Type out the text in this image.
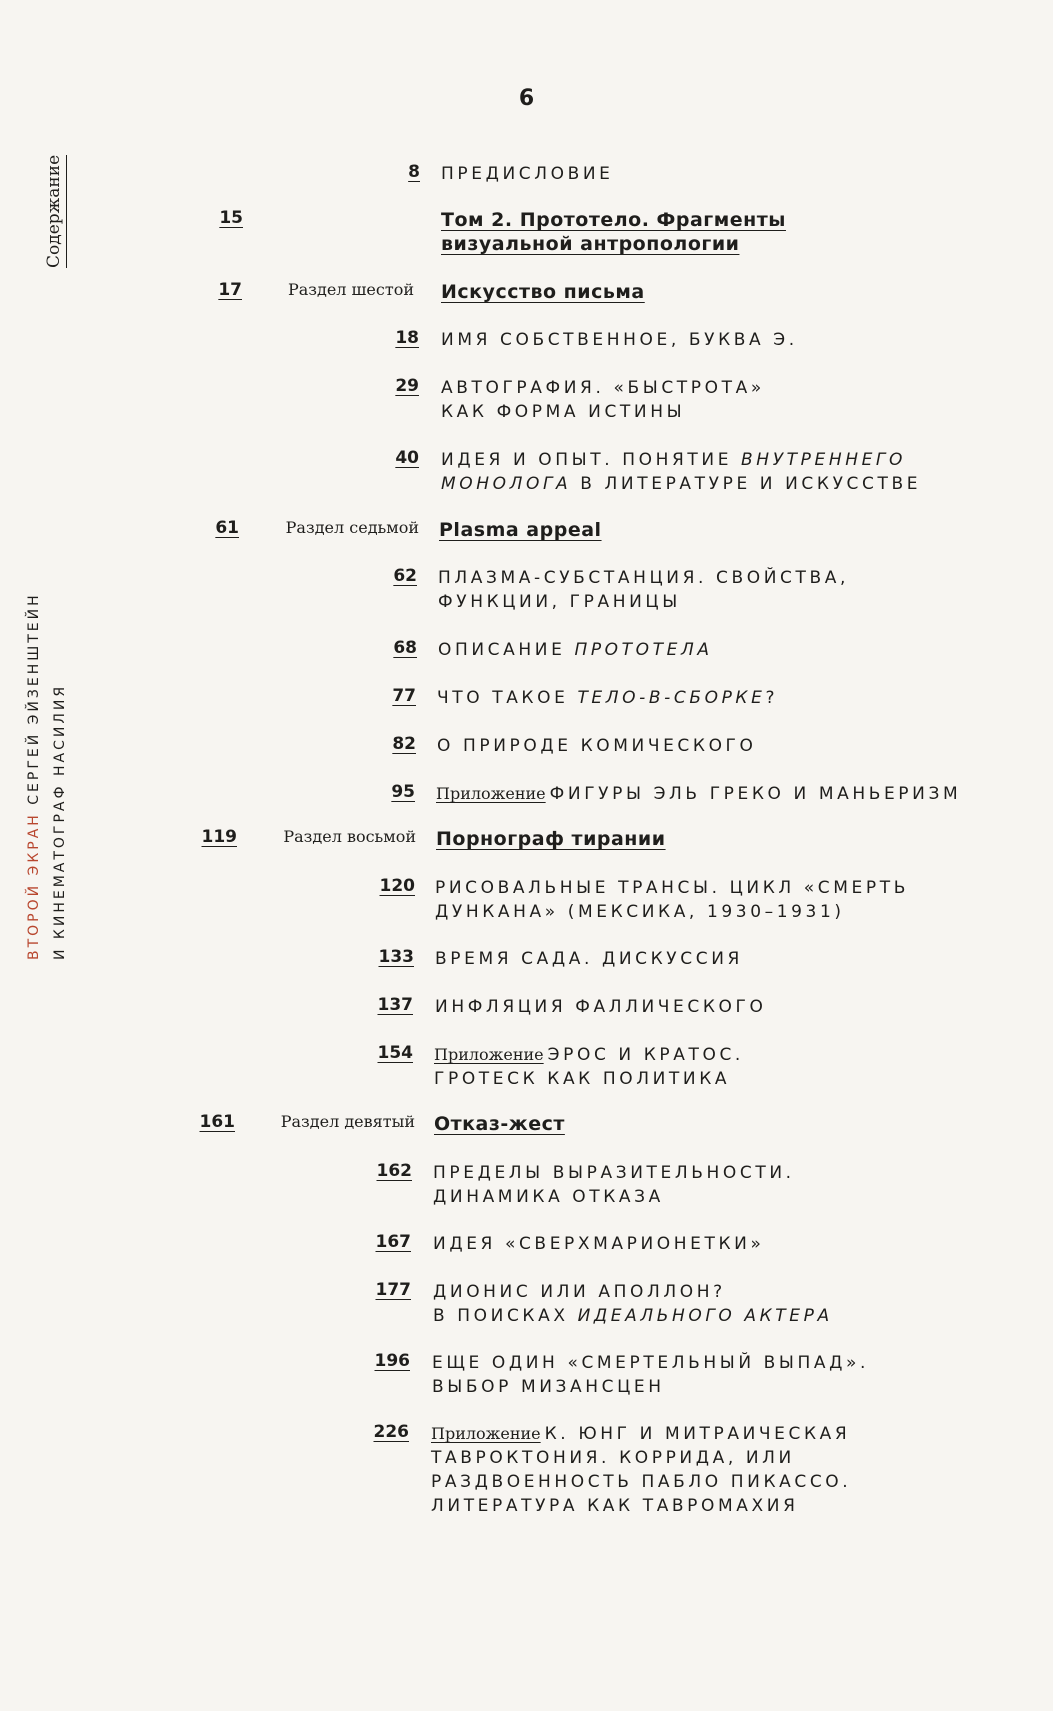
6
ВТОРОЙ ЭКРАН СЕРГЕЙ ЭЙЗЕНШТЕЙН И КИНЕМАТОГРАФ НАСИЛИЯ
Содержание	8 ПРЕДИСЛОВИЕ
15	Том 2. Прототело. Фрагменты
визуальной антропологии
17	Раздел шестой Искусство письма
18 ИМЯ СОБСТВЕННОЕ, БУКВА Э.
29 АВТОГРАФИЯ. «БЫСТРОТА»
КАК ФОРМА ИСТИНЫ
40 ИДЕЯ И ОПЫТ. ПОНЯТИЕ ВНУТРЕННЕГО
МОНОЛОГА В ЛИТЕРАТУРЕ И ИСКУССТВЕ
61	Раздел седьмой Plasma appeal
62 ПЛАЗМА-СУБСТАНЦИЯ. СВОЙСТВА,
ФУНКЦИИ, ГРАНИЦЫ
68 ОПИСАНИЕ ПРОТОТЕЛА
77 ЧТО ТАКОЕ ТЕЛО-В-СБОРКЕ?
82 О ПРИРОДЕ КОМИЧЕСКОГО
95 Приложение ФИГУРЫ ЭЛЬ ГРЕКО И МАНЬЕРИЗМ
119	Раздел восьмой Порнограф тирании
120 РИСОВАЛЬНЫЕ ТРАНСЫ. ЦИКЛ «СМЕРТЬ
ДУНКАНА» (МЕКСИКА, 1930–1931)
133 ВРЕМЯ САДА. ДИСКУССИЯ
137 ИНФЛЯЦИЯ ФАЛЛИЧЕСКОГО
154 Приложение ЭРОС И КРАТОС.
ГРОТЕСК КАК ПОЛИТИКА
161	Раздел девятый Отказ-жест
162 ПРЕДЕЛЫ ВЫРАЗИТЕЛЬНОСТИ.
ДИНАМИКА ОТКАЗА
167 ИДЕЯ «СВЕРХМАРИОНЕТКИ»
177 ДИОНИС ИЛИ АПОЛЛОН?
В ПОИСКАХ ИДЕАЛЬНОГО АКТЕРА
196 ЕЩЕ ОДИН «СМЕРТЕЛЬНЫЙ ВЫПАД».
ВЫБОР МИЗАНСЦЕН
226 Приложение К. ЮНГ И МИТРАИЧЕСКАЯ
ТАВРОКТОНИЯ. КОРРИДА, ИЛИ
РАЗДВОЕННОСТЬ ПАБЛО ПИКАССО.
ЛИТЕРАТУРА КАК ТАВРОМАХИЯ
